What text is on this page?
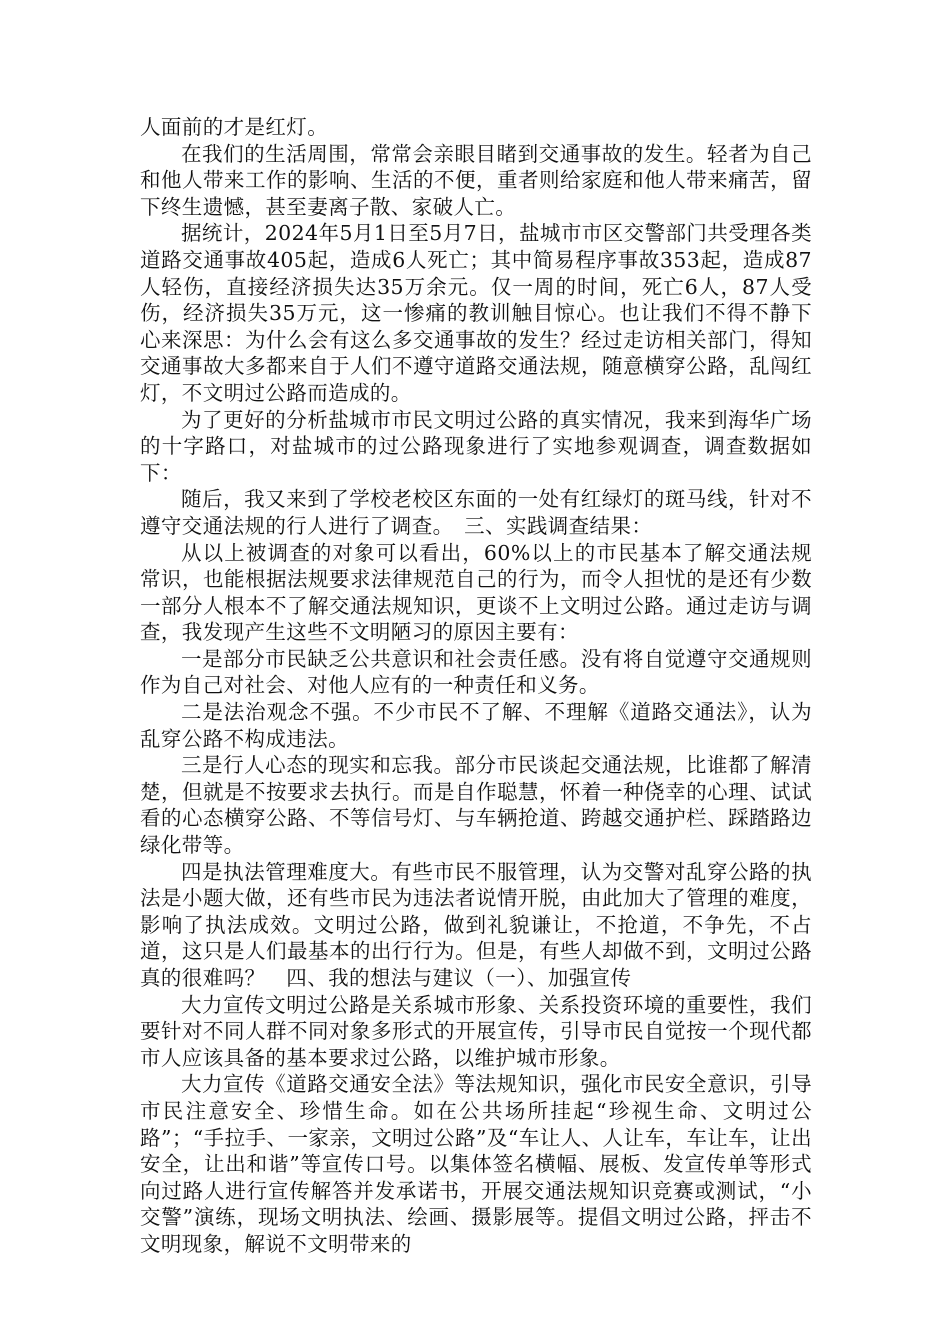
人面前的才是红灯。

在我们的生活周围，常常会亲眼目睹到交通事故的发生。轻者为自己和他人带来工作的影响、生活的不便，重者则给家庭和他人带来痛苦，留下终生遗憾，甚至妻离子散、家破人亡。

据统计，2024年5月1日至5月7日，盐城市市区交警部门共受理各类道路交通事故405起，造成6人死亡；其中简易程序事故353起，造成87人轻伤，直接经济损失达35万余元。仅一周的时间，死亡6人，87人受伤，经济损失35万元，这一惨痛的教训触目惊心。也让我们不得不静下心来深思：为什么会有这么多交通事故的发生？经过走访相关部门，得知交通事故大多都来自于人们不遵守道路交通法规，随意横穿公路，乱闯红灯，不文明过公路而造成的。

为了更好的分析盐城市市民文明过公路的真实情况，我来到海华广场的十字路口，对盐城市的过公路现象进行了实地参观调查，调查数据如下：

随后，我又来到了学校老校区东面的一处有红绿灯的斑马线，针对不遵守交通法规的行人进行了调查。　三、实践调查结果：

从以上被调查的对象可以看出，60%以上的市民基本了解交通法规常识，也能根据法规要求法律规范自己的行为，而令人担忧的是还有少数一部分人根本不了解交通法规知识，更谈不上文明过公路。通过走访与调查，我发现产生这些不文明陋习的原因主要有：

一是部分市民缺乏公共意识和社会责任感。没有将自觉遵守交通规则作为自己对社会、对他人应有的一种责任和义务。

二是法治观念不强。不少市民不了解、不理解《道路交通法》，认为乱穿公路不构成违法。

三是行人心态的现实和忘我。部分市民谈起交通法规，比谁都了解清楚，但就是不按要求去执行。而是自作聪慧，怀着一种侥幸的心理、试试看的心态横穿公路、不等信号灯、与车辆抢道、跨越交通护栏、踩踏路边绿化带等。

四是执法管理难度大。有些市民不服管理，认为交警对乱穿公路的执法是小题大做，还有些市民为违法者说情开脱，由此加大了管理的难度，影响了执法成效。文明过公路，做到礼貌谦让，不抢道，不争先，不占道，这只是人们最基本的出行行为。但是，有些人却做不到，文明过公路真的很难吗？　四、我的想法与建议（一）、加强宣传

大力宣传文明过公路是关系城市形象、关系投资环境的重要性，我们要针对不同人群不同对象多形式的开展宣传，引导市民自觉按一个现代都市人应该具备的基本要求过公路，以维护城市形象。

大力宣传《道路交通安全法》等法规知识，强化市民安全意识，引导市民注意安全、珍惜生命。如在公共场所挂起“珍视生命、文明过公路”；“手拉手、一家亲，文明过公路”及“车让人、人让车，车让车，让出安全，让出和谐”等宣传口号。以集体签名横幅、展板、发宣传单等形式向过路人进行宣传解答并发承诺书，开展交通法规知识竞赛或测试，“小交警”演练，现场文明执法、绘画、摄影展等。提倡文明过公路，抨击不文明现象，解说不文明带来的
